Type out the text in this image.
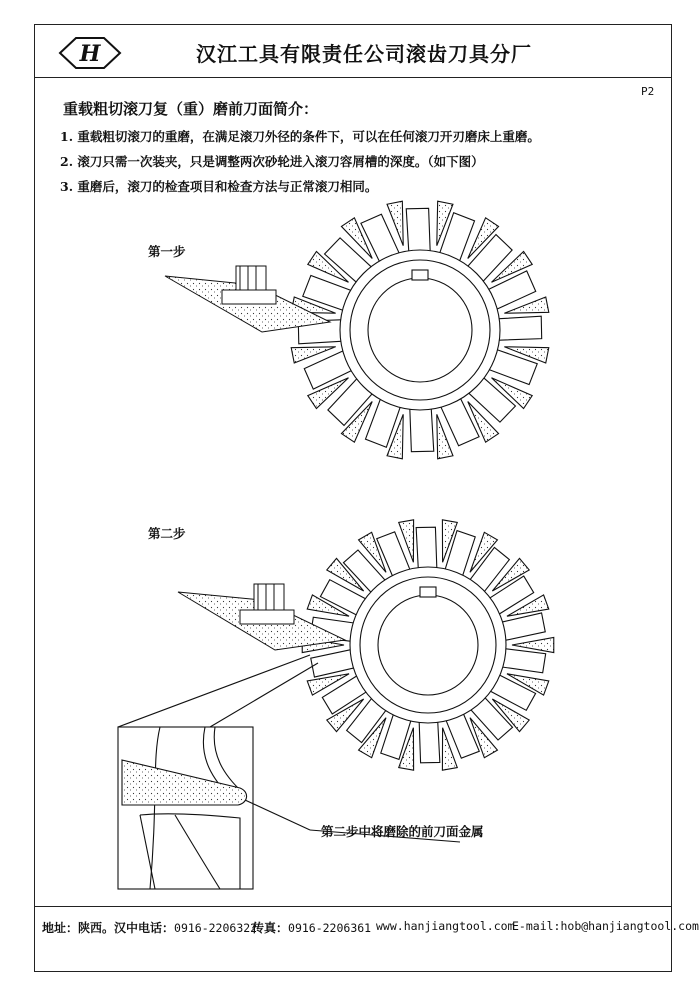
H	汉江工具有限责任公司滚齿刀具分厂
P2
重载粗切滚刀复（重）磨前刀面简介：
1. 重载粗切滚刀的重磨，在满足滚刀外径的条件下，可以在任何滚刀开刃磨床上重磨。
2. 滚刀只需一次装夹，只是调整两次砂轮进入滚刀容屑槽的深度。（如下图）
3. 重磨后，滚刀的检查项目和检查方法与正常滚刀相同。
第一步
第二步
第二步中将磨除的前刀面金属
地址：陕西。汉中 电话：0916-2206322
传真：0916-2206361 www.hanjiangtool.com
E-mail:hob@hanjiangtool.com
